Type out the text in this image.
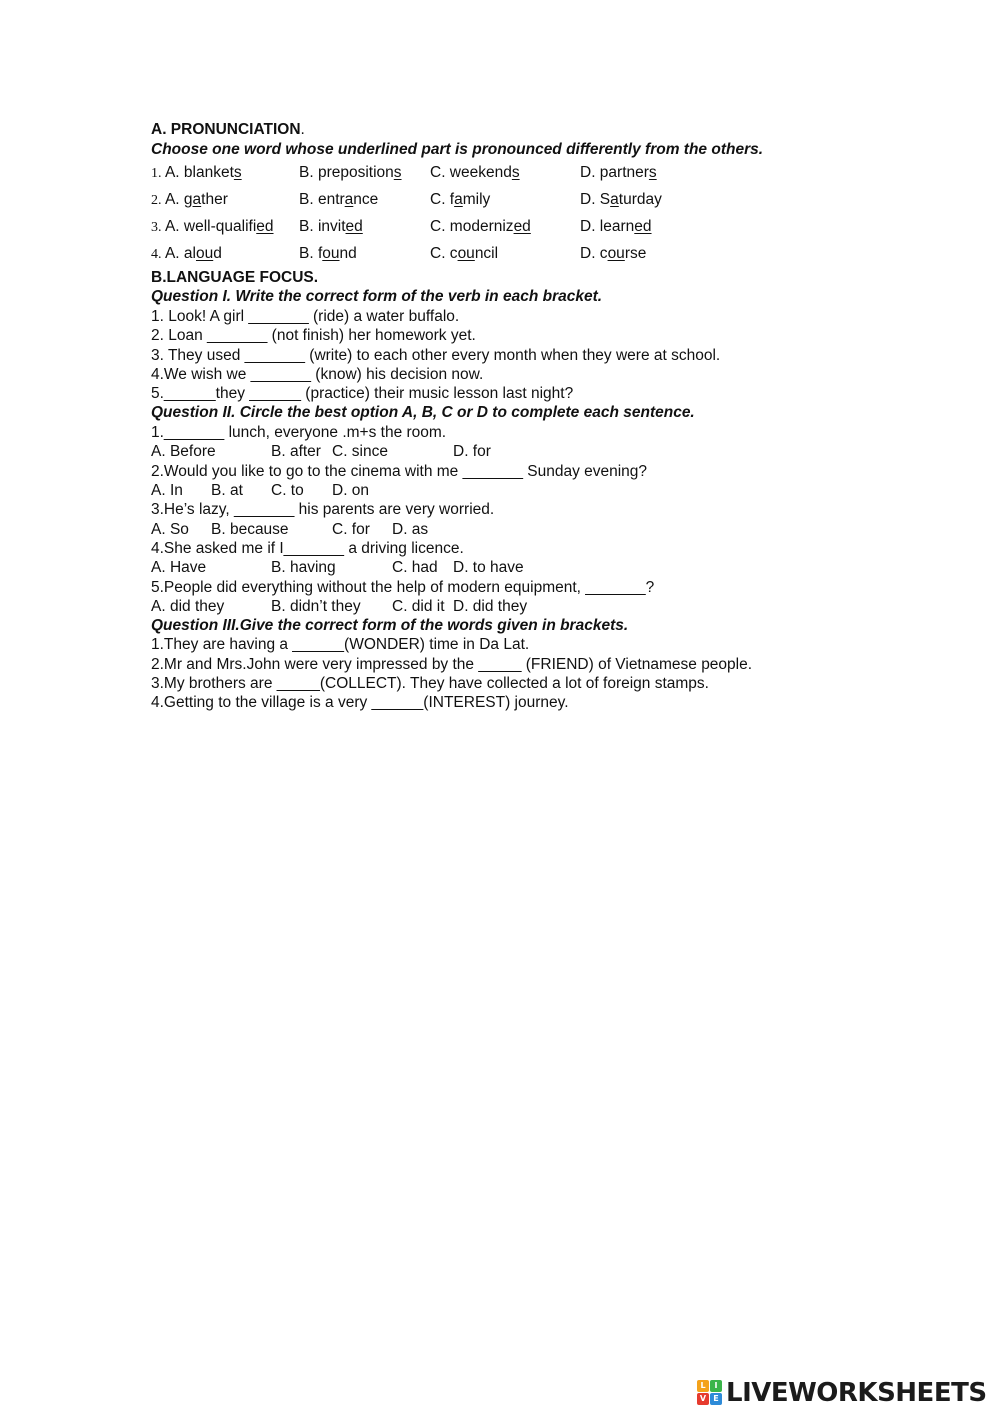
A. PRONUNCIATION.
Choose one word whose underlined part is pronounced differently from the others.
1. A. blankets	B. prepositions C. weekends	D. partners
2. A. gather	B. entrance	C. family	D. Saturday
3. A. well-qualified B. invited	C. modernized	D. learned
4. A. aloud	B. found	C. council	D. course
B.LANGUAGE FOCUS.
Question I. Write the correct form of the verb in each bracket.
1. Look! A girl _______ (ride) a water buffalo.
2. Loan _______ (not finish) her homework yet.
3. They used _______ (write) to each other every month when they were at school.
4.We wish we _______ (know) his decision now.
5.______they ______ (practice) their music lesson last night?
Question II. Circle the best option A, B, C or D to complete each sentence.
1._______ lunch, everyone .m+s the room.
A. Before	B. after C. since	D. for
2.Would you like to go to the cinema with me _______ Sunday evening?
A. In B. at C. to D. on
3.He’s lazy, _______ his parents are very worried.
A. So B. because	C. for D. as
4.She asked me if I_______ a driving licence.
A. Have	B. having	C. had D. to have
5.People did everything without the help of modern equipment, _______?
A. did they	B. didn’t they C. did it D. did they
Question III.Give the correct form of the words given in brackets.
1.They are having a ______(WONDER) time in Da Lat.
2.Mr and Mrs.John were very impressed by the _____ (FRIEND) of Vietnamese people.
3.My brothers are _____(COLLECT). They have collected a lot of foreign stamps.
4.Getting to the village is a very ______(INTEREST) journey.
L	I
V E LIVEWORKSHEETS
